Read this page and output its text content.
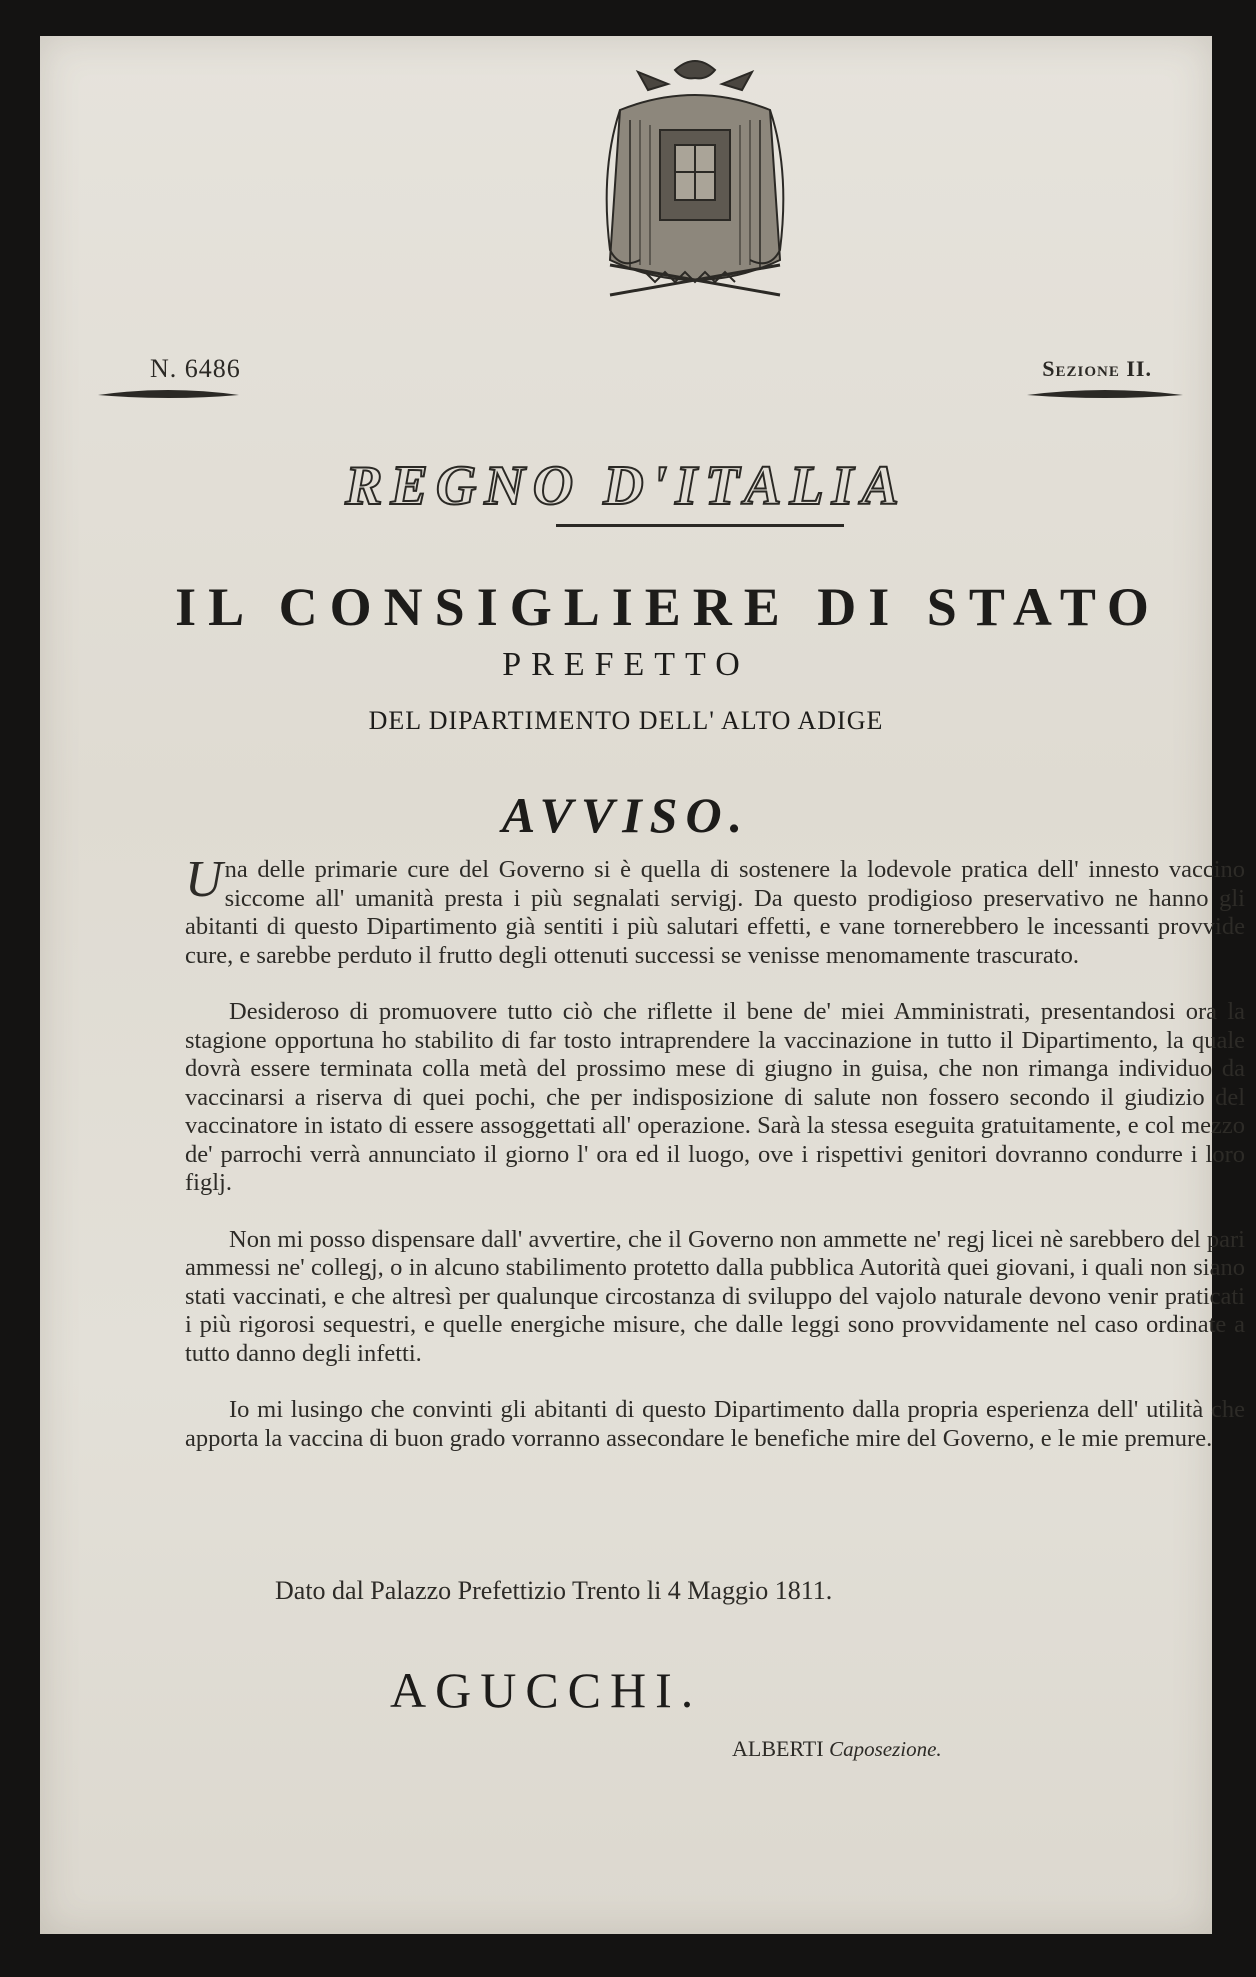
N. 6486	Sezione II.
REGNO D'ITALIA
IL CONSIGLIERE DI STATO
PREFETTO
DEL DIPARTIMENTO DELL' ALTO ADIGE
AVVISO.

Una delle primarie cure del Governo si è quella di sostenere la lodevole pratica dell' innesto vaccino siccome all' umanità presta i più segnalati servigj. Da questo prodigioso preservativo ne hanno gli abitanti di questo Dipartimento già sentiti i più salutari effetti, e vane tornerebbero le incessanti provvide cure, e sarebbe perduto il frutto degli ottenuti successi se venisse menomamente trascurato.

Desideroso di promuovere tutto ciò che riflette il bene de' miei Amministrati, presentandosi ora la stagione opportuna ho stabilito di far tosto intraprendere la vaccinazione in tutto il Dipartimento, la quale dovrà essere terminata colla metà del prossimo mese di giugno in guisa, che non rimanga individuo da vaccinarsi a riserva di quei pochi, che per indisposizione di salute non fossero secondo il giudizio del vaccinatore in istato di essere assoggettati all' operazione. Sarà la stessa eseguita gratuitamente, e col mezzo de' parrochi verrà annunciato il giorno l' ora ed il luogo, ove i rispettivi genitori dovranno condurre i loro figlj.

Non mi posso dispensare dall' avvertire, che il Governo non ammette ne' regj licei nè sarebbero del pari ammessi ne' collegj, o in alcuno stabilimento protetto dalla pubblica Autorità quei giovani, i quali non siano stati vaccinati, e che altresì per qualunque circostanza di sviluppo del vajolo naturale devono venir praticati i più rigorosi sequestri, e quelle energiche misure, che dalle leggi sono provvidamente nel caso ordinate a tutto danno degli infetti.

Io mi lusingo che convinti gli abitanti di questo Dipartimento dalla propria esperienza dell' utilità che apporta la vaccina di buon grado vorranno assecondare le benefiche mire del Governo, e le mie premure.

Dato dal Palazzo Prefettizio Trento li 4 Maggio 1811.
AGUCCHI.
ALBERTI Caposezione.
